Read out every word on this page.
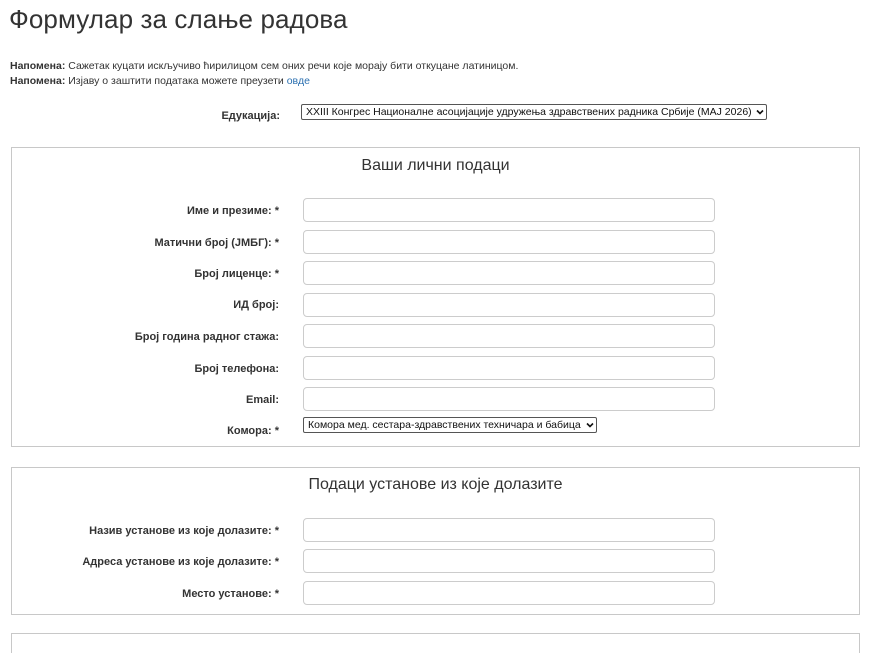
Формулар за слање радова
Напомена: Сажетак куцати искључиво ћирилицом сем оних речи које морају бити откуцане латиницом.
Напомена: Изјаву о заштити података можете преузети овде
Едукација: XXIII Конгрес Националне асоцијације удружења здравствених радника Србије (МАЈ 2026)
Ваши лични подаци
Име и презиме: *
Матични број (ЈМБГ): *
Број лиценце: *
ИД број:
Број година радног стажа:
Број телефона:
Email:
Комора: *	Комора мед. сестара-здравствених техничара и бабица
Подаци установе из које долазите
Назив установе из које долазите: *
Адреса установе из које долазите: *
Место установе: *
